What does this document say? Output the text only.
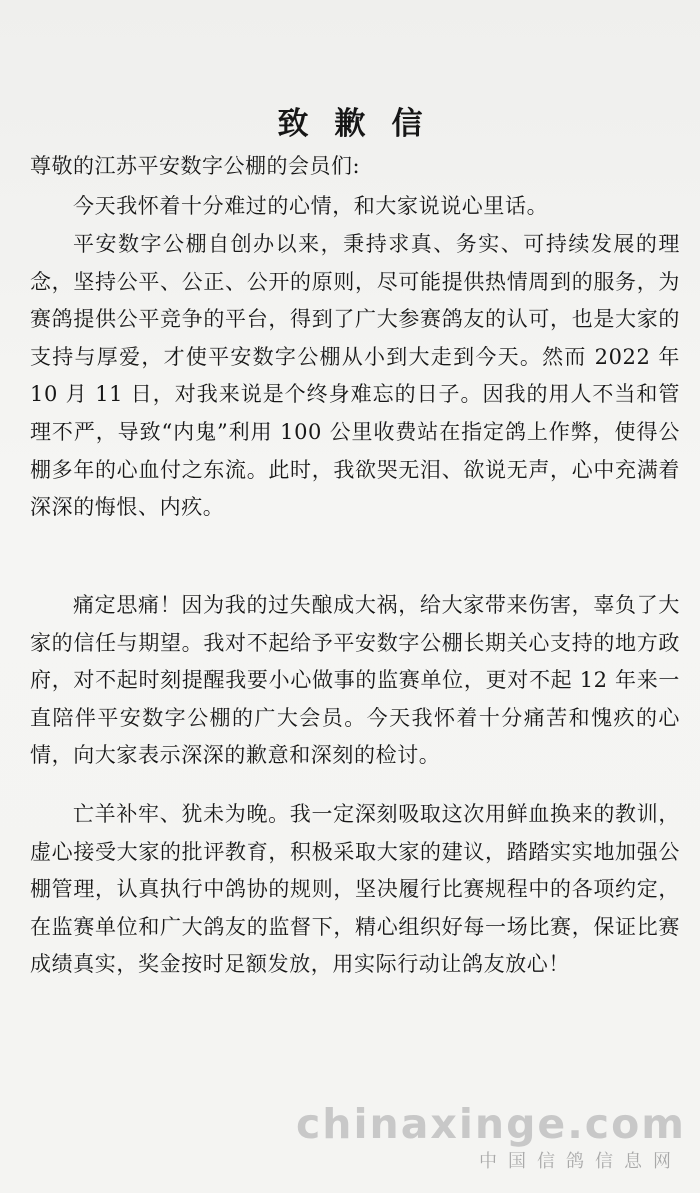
致歉信
尊敬的江苏平安数字公棚的会员们:

今天我怀着十分难过的心情，和大家说说心里话。

平安数字公棚自创办以来，秉持求真、务实、可持续发展的理念，坚持公平、公正、公开的原则，尽可能提供热情周到的服务，为赛鸽提供公平竞争的平台，得到了广大参赛鸽友的认可，也是大家的支持与厚爱，才使平安数字公棚从小到大走到今天。然而 2022 年 10 月 11 日，对我来说是个终身难忘的日子。因我的用人不当和管理不严，导致“内鬼”利用 100 公里收费站在指定鸽上作弊，使得公棚多年的心血付之东流。此时，我欲哭无泪、欲说无声，心中充满着深深的悔恨、内疚。

痛定思痛！因为我的过失酿成大祸，给大家带来伤害，辜负了大家的信任与期望。我对不起给予平安数字公棚长期关心支持的地方政府，对不起时刻提醒我要小心做事的监赛单位，更对不起 12 年来一直陪伴平安数字公棚的广大会员。今天我怀着十分痛苦和愧疚的心情，向大家表示深深的歉意和深刻的检讨。

亡羊补牢、犹未为晚。我一定深刻吸取这次用鲜血换来的教训，虚心接受大家的批评教育，积极采取大家的建议，踏踏实实地加强公棚管理，认真执行中鸽协的规则，坚决履行比赛规程中的各项约定，在监赛单位和广大鸽友的监督下，精心组织好每一场比赛，保证比赛成绩真实，奖金按时足额发放，用实际行动让鸽友放心！

chinaxinge.com
中国信鸽信息网
